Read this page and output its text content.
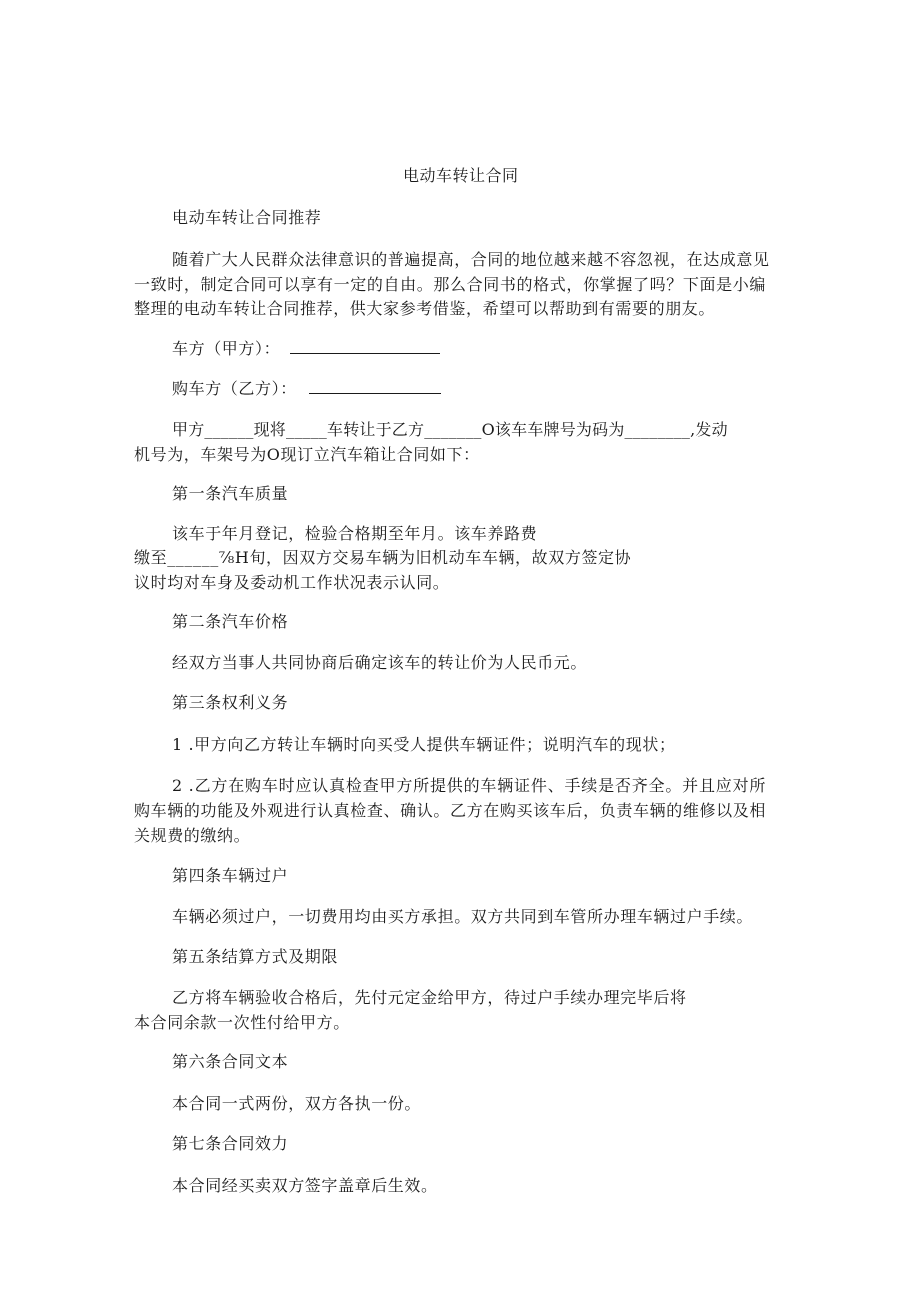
电动车转让合同
电动车转让合同推荐
随着广大人民群众法律意识的普遍提高，合同的地位越来越不容忽视，在达成意见
一致时，制定合同可以享有一定的自由。那么合同书的格式，你掌握了吗？下面是小编
整理的电动车转让合同推荐，供大家参考借鉴，希望可以帮助到有需要的朋友。
车方（甲方）：
购车方（乙方）：
甲方______现将_____车转让于乙方_______O该车车牌号为码为________,发动
机号为，车架号为O现订立汽车箱让合同如下：
第一条汽车质量
该车于年月登记，检验合格期至年月。该车养路费
缴至______⅞H旬，因双方交易车辆为旧机动车车辆，故双方签定协
议时均对车身及委动机工作状况表示认同。
第二条汽车价格
经双方当事人共同协商后确定该车的转让价为人民币元。
第三条权利义务
1 .甲方向乙方转让车辆时向买受人提供车辆证件；说明汽车的现状；
2 .乙方在购车时应认真检查甲方所提供的车辆证件、手续是否齐全。并且应对所
购车辆的功能及外观进行认真检查、确认。乙方在购买该车后，负责车辆的维修以及相
关规费的缴纳。
第四条车辆过户
车辆必须过户，一切费用均由买方承担。双方共同到车管所办理车辆过户手续。
第五条结算方式及期限
乙方将车辆验收合格后，先付元定金给甲方，待过户手续办理完毕后将
本合同余款一次性付给甲方。
第六条合同文本
本合同一式两份，双方各执一份。
第七条合同效力
本合同经买卖双方签字盖章后生效。
